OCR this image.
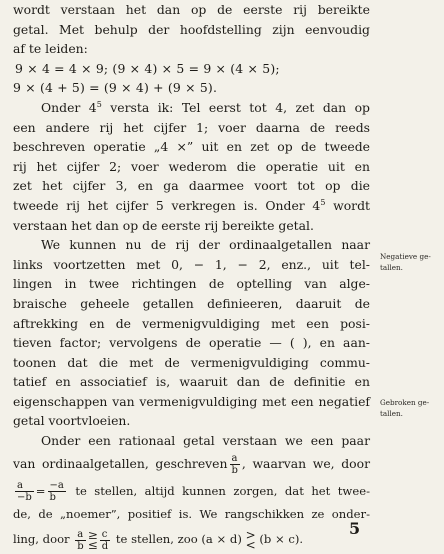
wordt verstaan het dan op de eerste rij bereikte
getal. Met behulp der hoofdstelling zijn eenvoudig
af te leiden:
9 × 4 = 4 × 9; (9 × 4) × 5 = 9 × (4 × 5);
9 × (4 + 5) = (9 × 4) + (9 × 5).
Onder $4^5$ versta ik: Tel eerst tot 4, zet dan op
een andere rij het cijfer 1; voer daarna de reeds
beschreven operatie „4 ×” uit en zet op de tweede
rij het cijfer 2; voer wederom die operatie uit en
zet het cijfer 3, en ga daarmee voort tot op die
tweede rij het cijfer 5 verkregen is. Onder $4^5$ wordt
verstaan het dan op de eerste rij bereikte getal.
We kunnen nu de rij der ordinaalgetallen naar
links voortzetten met 0, − 1, − 2, enz., uit tel-
lingen in twee richtingen de optelling van alge-
braische geheele getallen definieeren, daaruit de
aftrekking en de vermenigvuldiging met een posi-
tieven factor; vervolgens de operatie — ( ), en aan-
toonen dat die met de vermenigvuldiging commu-
tatief en associatief is, waaruit dan de definitie en
eigenschappen van vermenigvuldiging met een negatief
getal voortvloeien.
Onder een rationaal getal verstaan we een paar
van ordinaalgetallen, geschreven $\frac{a}{b}$ , waarvan we, door
$\frac{a}{-b} = \frac{-a}{b}$ te stellen, altijd kunnen zorgen, dat het twee-
de, de „noemer”, positief is. We rangschikken ze onder-
ling, door $\frac{a}{b}$ ≥
≤ $\frac{c}{d}$ te stellen, zoo (a × d) >
< (b × c).
Negatieve ge-
tallen.
Gebroken ge-
tallen.
5
